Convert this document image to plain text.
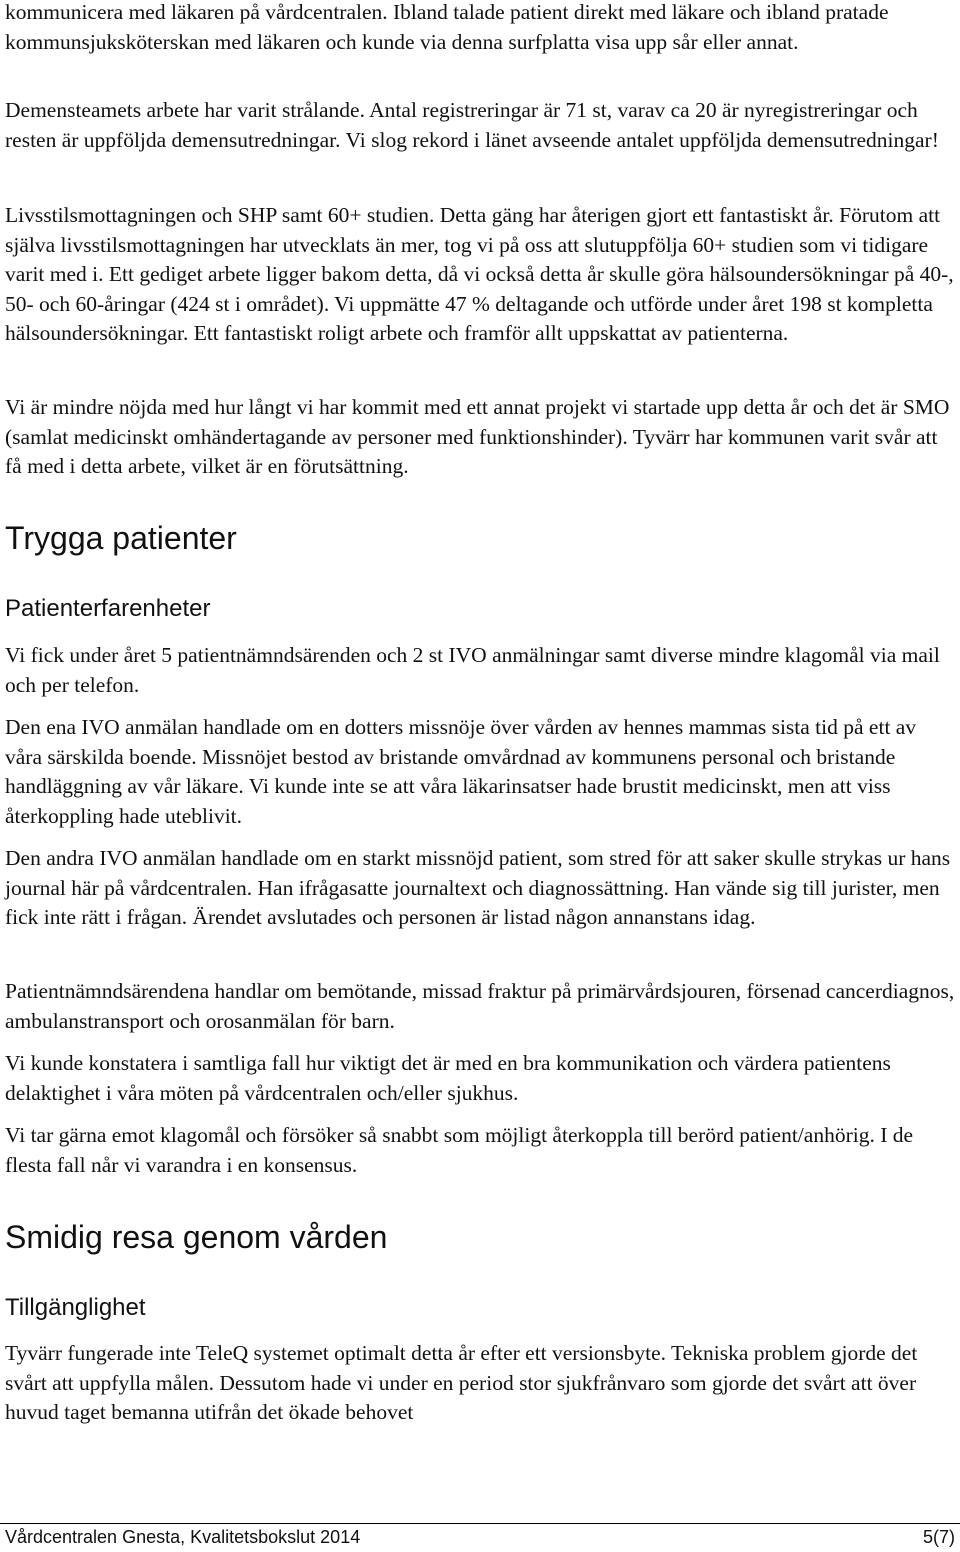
kommunicera med läkaren på vårdcentralen. Ibland talade patient direkt med läkare och ibland pratade kommunsjuksköterskan med läkaren och kunde via denna surfplatta visa upp sår eller annat.

Demensteamets arbete har varit strålande. Antal registreringar är 71 st, varav ca 20 är nyregistreringar och resten är uppföljda demensutredningar. Vi slog rekord i länet avseende antalet uppföljda demensutredningar!

Livsstilsmottagningen och SHP samt 60+ studien. Detta gäng har återigen gjort ett fantastiskt år. Förutom att själva livsstilsmottagningen har utvecklats än mer, tog vi på oss att slutuppföljа 60+ studien som vi tidigare varit med i. Ett gediget arbete ligger bakom detta, då vi också detta år skulle göra hälsoundersökningar på 40-, 50- och 60-åringar (424 st i området). Vi uppmätte 47 % deltagande och utförde under året 198 st kompletta hälsoundersökningar. Ett fantastiskt roligt arbete och framför allt uppskattat av patienterna.

Vi är mindre nöjda med hur långt vi har kommit med ett annat projekt vi startade upp detta år och det är SMO (samlat medicinskt omhändertagande av personer med funktionshinder). Tyvärr har kommunen varit svår att få med i detta arbete, vilket är en förutsättning.

Trygga patienter
Patienterfarenheter

Vi fick under året 5 patientnämndsärenden och 2 st IVO anmälningar samt diverse mindre klagomål via mail och per telefon.

Den ena IVO anmälan handlade om en dotters missnöje över vården av hennes mammas sista tid på ett av våra särskilda boende. Missnöjet bestod av bristande omvårdnad av kommunens personal och bristande handläggning av vår läkare. Vi kunde inte se att våra läkarinsatser hade brustit medicinskt, men att viss återkoppling hade uteblivit.

Den andra IVO anmälan handlade om en starkt missnöjd patient, som stred för att saker skulle strykas ur hans journal här på vårdcentralen. Han ifrågasatte journaltext och diagnossättning. Han vände sig till jurister, men fick inte rätt i frågan. Ärendet avslutades och personen är listad någon annanstans idag.

Patientnämndsärendena handlar om bemötande, missad fraktur på primärvårdsjouren, försenad cancerdiagnos, ambulanstransport och orosanmälan för barn.

Vi kunde konstatera i samtliga fall hur viktigt det är med en bra kommunikation och värdera patientens delaktighet i våra möten på vårdcentralen och/eller sjukhus.

Vi tar gärna emot klagomål och försöker så snabbt som möjligt återkoppla till berörd patient/anhörig. I de flesta fall når vi varandra i en konsensus.

Smidig resa genom vården
Tillgänglighet

Tyvärr fungerade inte TeleQ systemet optimalt detta år efter ett versionsbyte. Tekniska problem gjorde det svårt att uppfylla målen. Dessutom hade vi under en period stor sjukfrånvaro som gjorde det svårt att över huvud taget bemanna utifrån det ökade behovet

Vårdcentralen Gnesta, Kvalitetsbokslut 2014	5(7)
